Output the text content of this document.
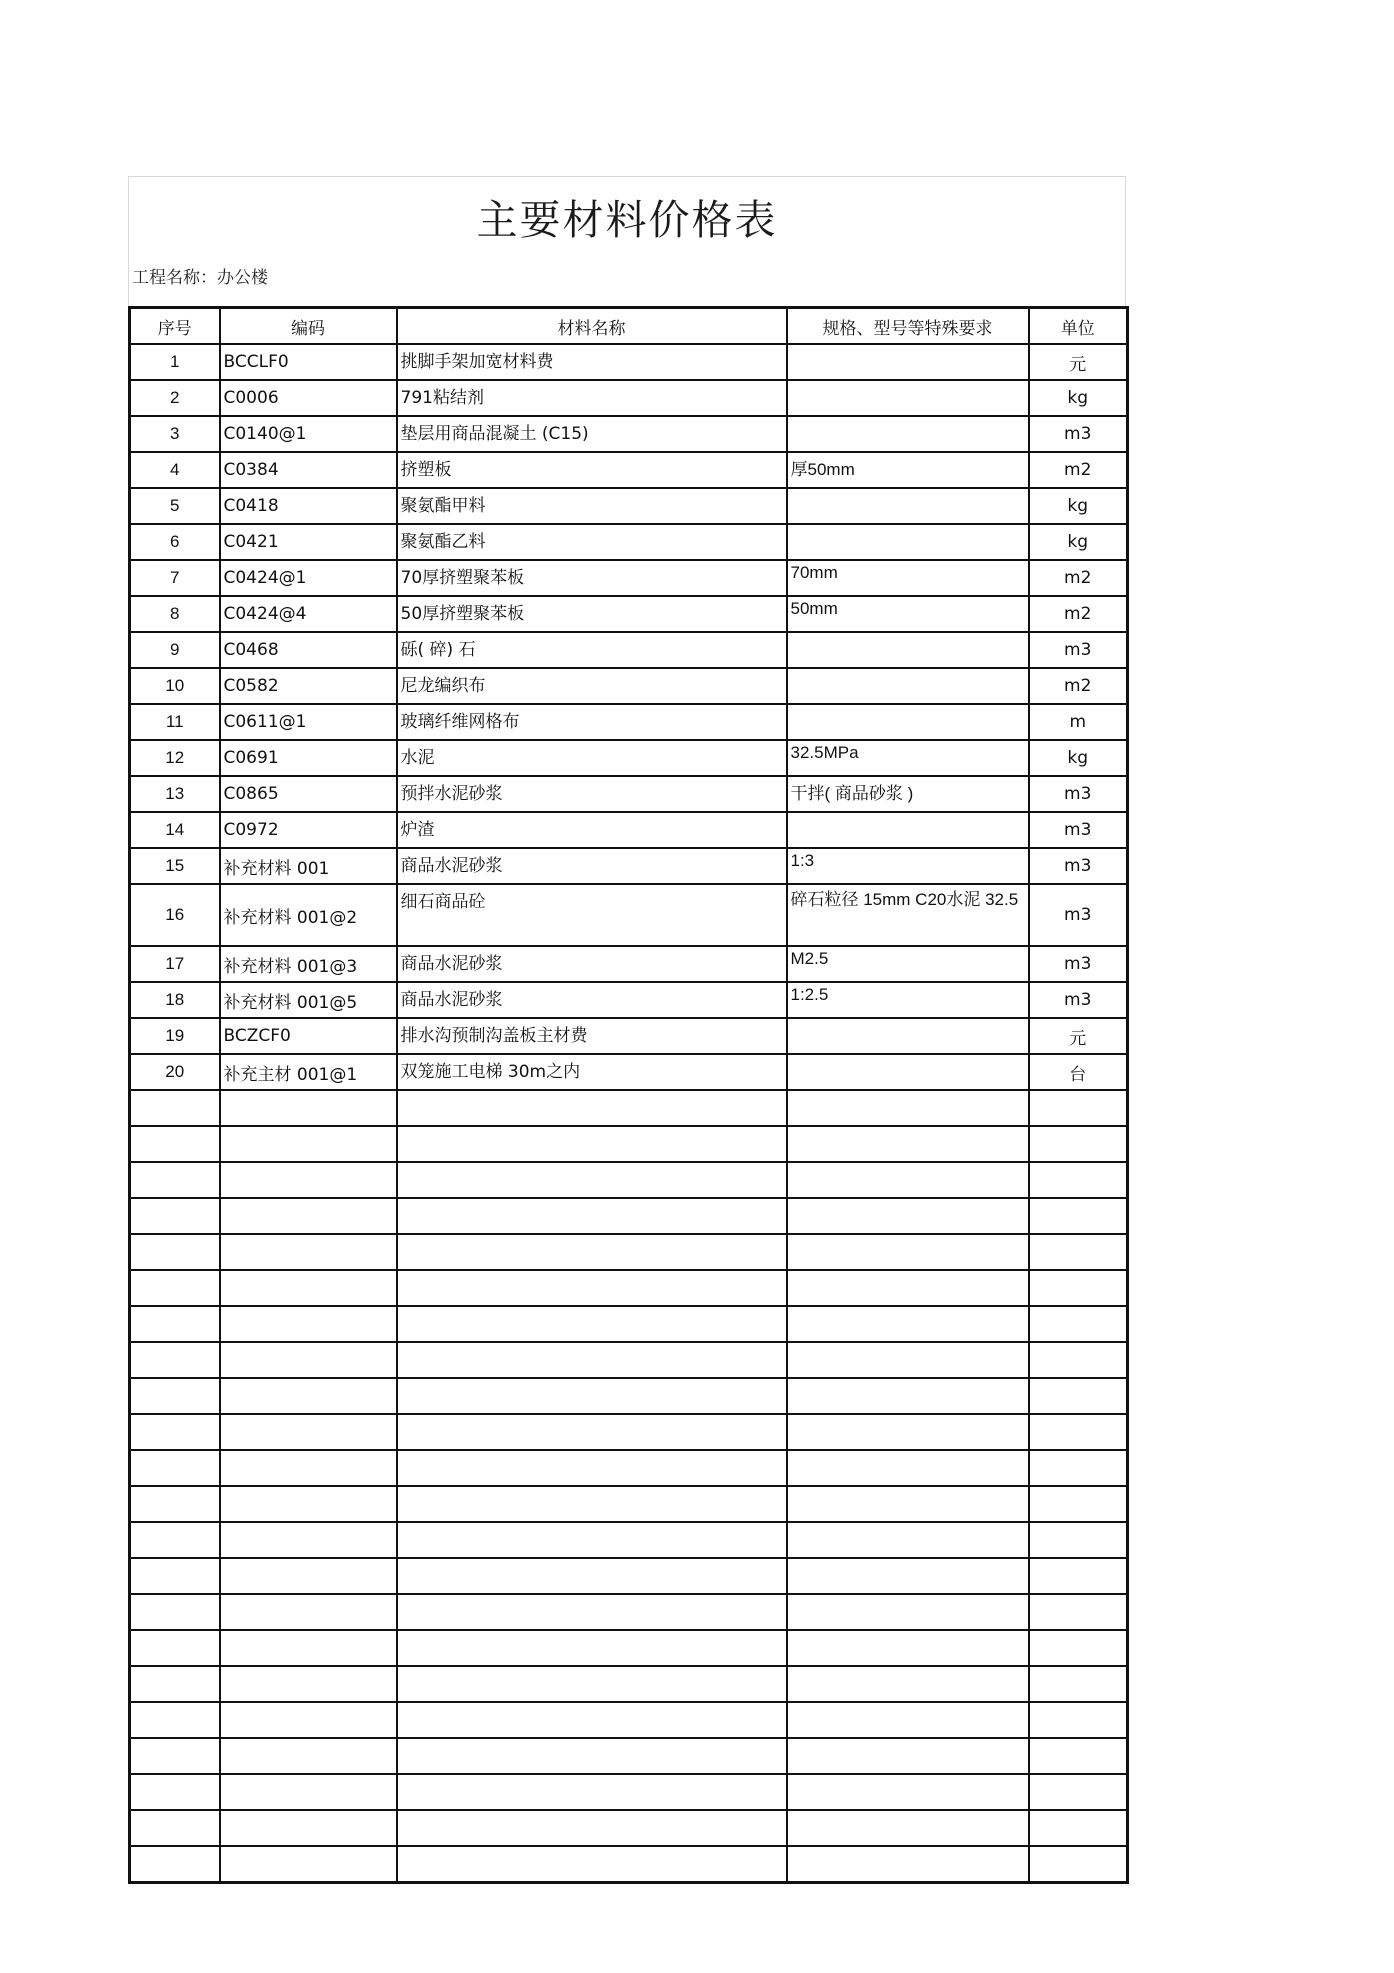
主要材料价格表
工程名称：办公楼
序号	编码	材料名称	规格、型号等特殊要求	单位
1	BCCLF0	挑脚手架加宽材料费		元
2	C0006	791粘结剂		kg
3	C0140@1	垫层用商品混凝土 (C15)		m3
4	C0384	挤塑板	厚50mm	m2
5	C0418	聚氨酯甲料		kg
6	C0421	聚氨酯乙料		kg
7	C0424@1	70厚挤塑聚苯板	70mm	m2
8	C0424@4	50厚挤塑聚苯板	50mm	m2
9	C0468	砾( 碎) 石		m3
10	C0582	尼龙编织布		m2
11	C0611@1	玻璃纤维网格布		m
12	C0691	水泥	32.5MPa	kg
13	C0865	预拌水泥砂浆	干拌( 商品砂浆 )	m3
14	C0972	炉渣		m3
15	补充材料 001	商品水泥砂浆	1:3	m3
16	补充材料 001@2	细石商品砼	碎石粒径 15mm C20水泥 32.5	m3
17	补充材料 001@3	商品水泥砂浆	M2.5	m3
18	补充材料 001@5	商品水泥砂浆	1:2.5	m3
19	BCZCF0	排水沟预制沟盖板主材费		元
20	补充主材 001@1	双笼施工电梯 30m之内		台
